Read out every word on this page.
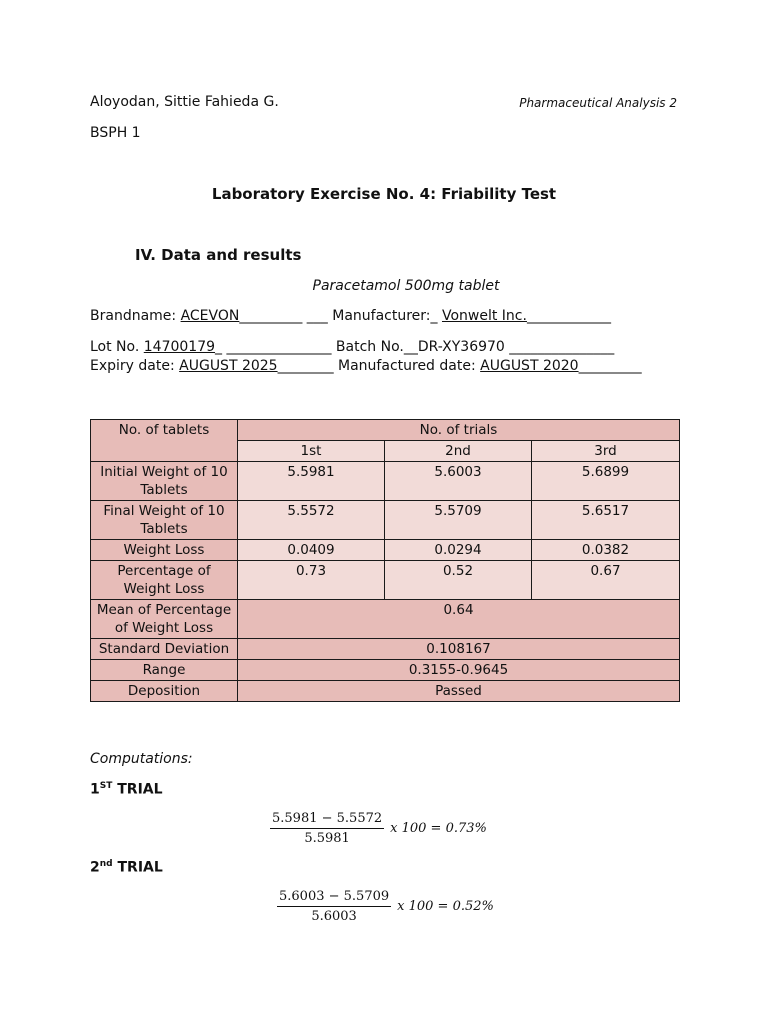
Aloyodan, Sittie Fahieda G.	Pharmaceutical Analysis 2
BSPH 1
Laboratory Exercise No. 4: Friability Test
IV. Data and results
Paracetamol 500mg tablet
Brandname: ACEVON_________ ___ Manufacturer:_ Vonwelt Inc.____________
Lot No. 14700179_ _______________ Batch No.__DR-XY36970 _______________
Expiry date: AUGUST 2025________ Manufactured date: AUGUST 2020_________
No. of tablets	No. of trials		
	1st	2nd	3rd
Initial Weight of 10 Tablets	5.5981	5.6003	5.6899
Final Weight of 10 Tablets	5.5572	5.5709	5.6517
Weight Loss	0.0409	0.0294	0.0382
Percentage of Weight Loss	0.73	0.52	0.67
Mean of Percentage of Weight Loss	0.64		
Standard Deviation	0.108167		
Range	0.3155-0.9645		
Deposition	Passed		
Computations:
1ST TRIAL
$\frac{5.5981 - 5.5572}{5.5981}$ x 100 = 0.73%
2nd TRIAL
$\frac{5.6003 - 5.5709}{5.6003}$ x 100 = 0.52%
